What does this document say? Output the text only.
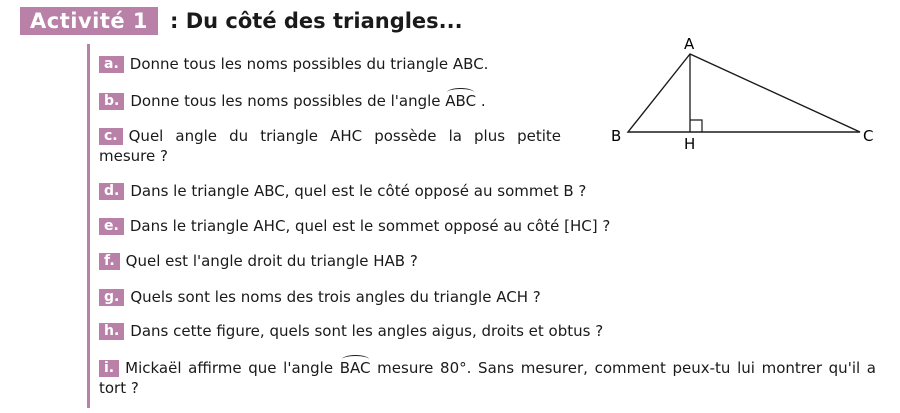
Activité 1	: Du côté des triangles...
a. Donne tous les noms possibles du triangle ABC.
b. Donne tous les noms possibles de l'angle ABC .
c. Quel angle du triangle AHC possède la plus petite mesure ?
d. Dans le triangle ABC, quel est le côté opposé au sommet B ?
e. Dans le triangle AHC, quel est le sommet opposé au côté [HC] ?
f. Quel est l'angle droit du triangle HAB ?
g. Quels sont les noms des trois angles du triangle ACH ?
h. Dans cette figure, quels sont les angles aigus, droits et obtus ?
i. Mickaël affirme que l'angle BAC mesure 80°. Sans mesurer, comment peux-tu lui montrer qu'il a tort ?
A
B	C
H
